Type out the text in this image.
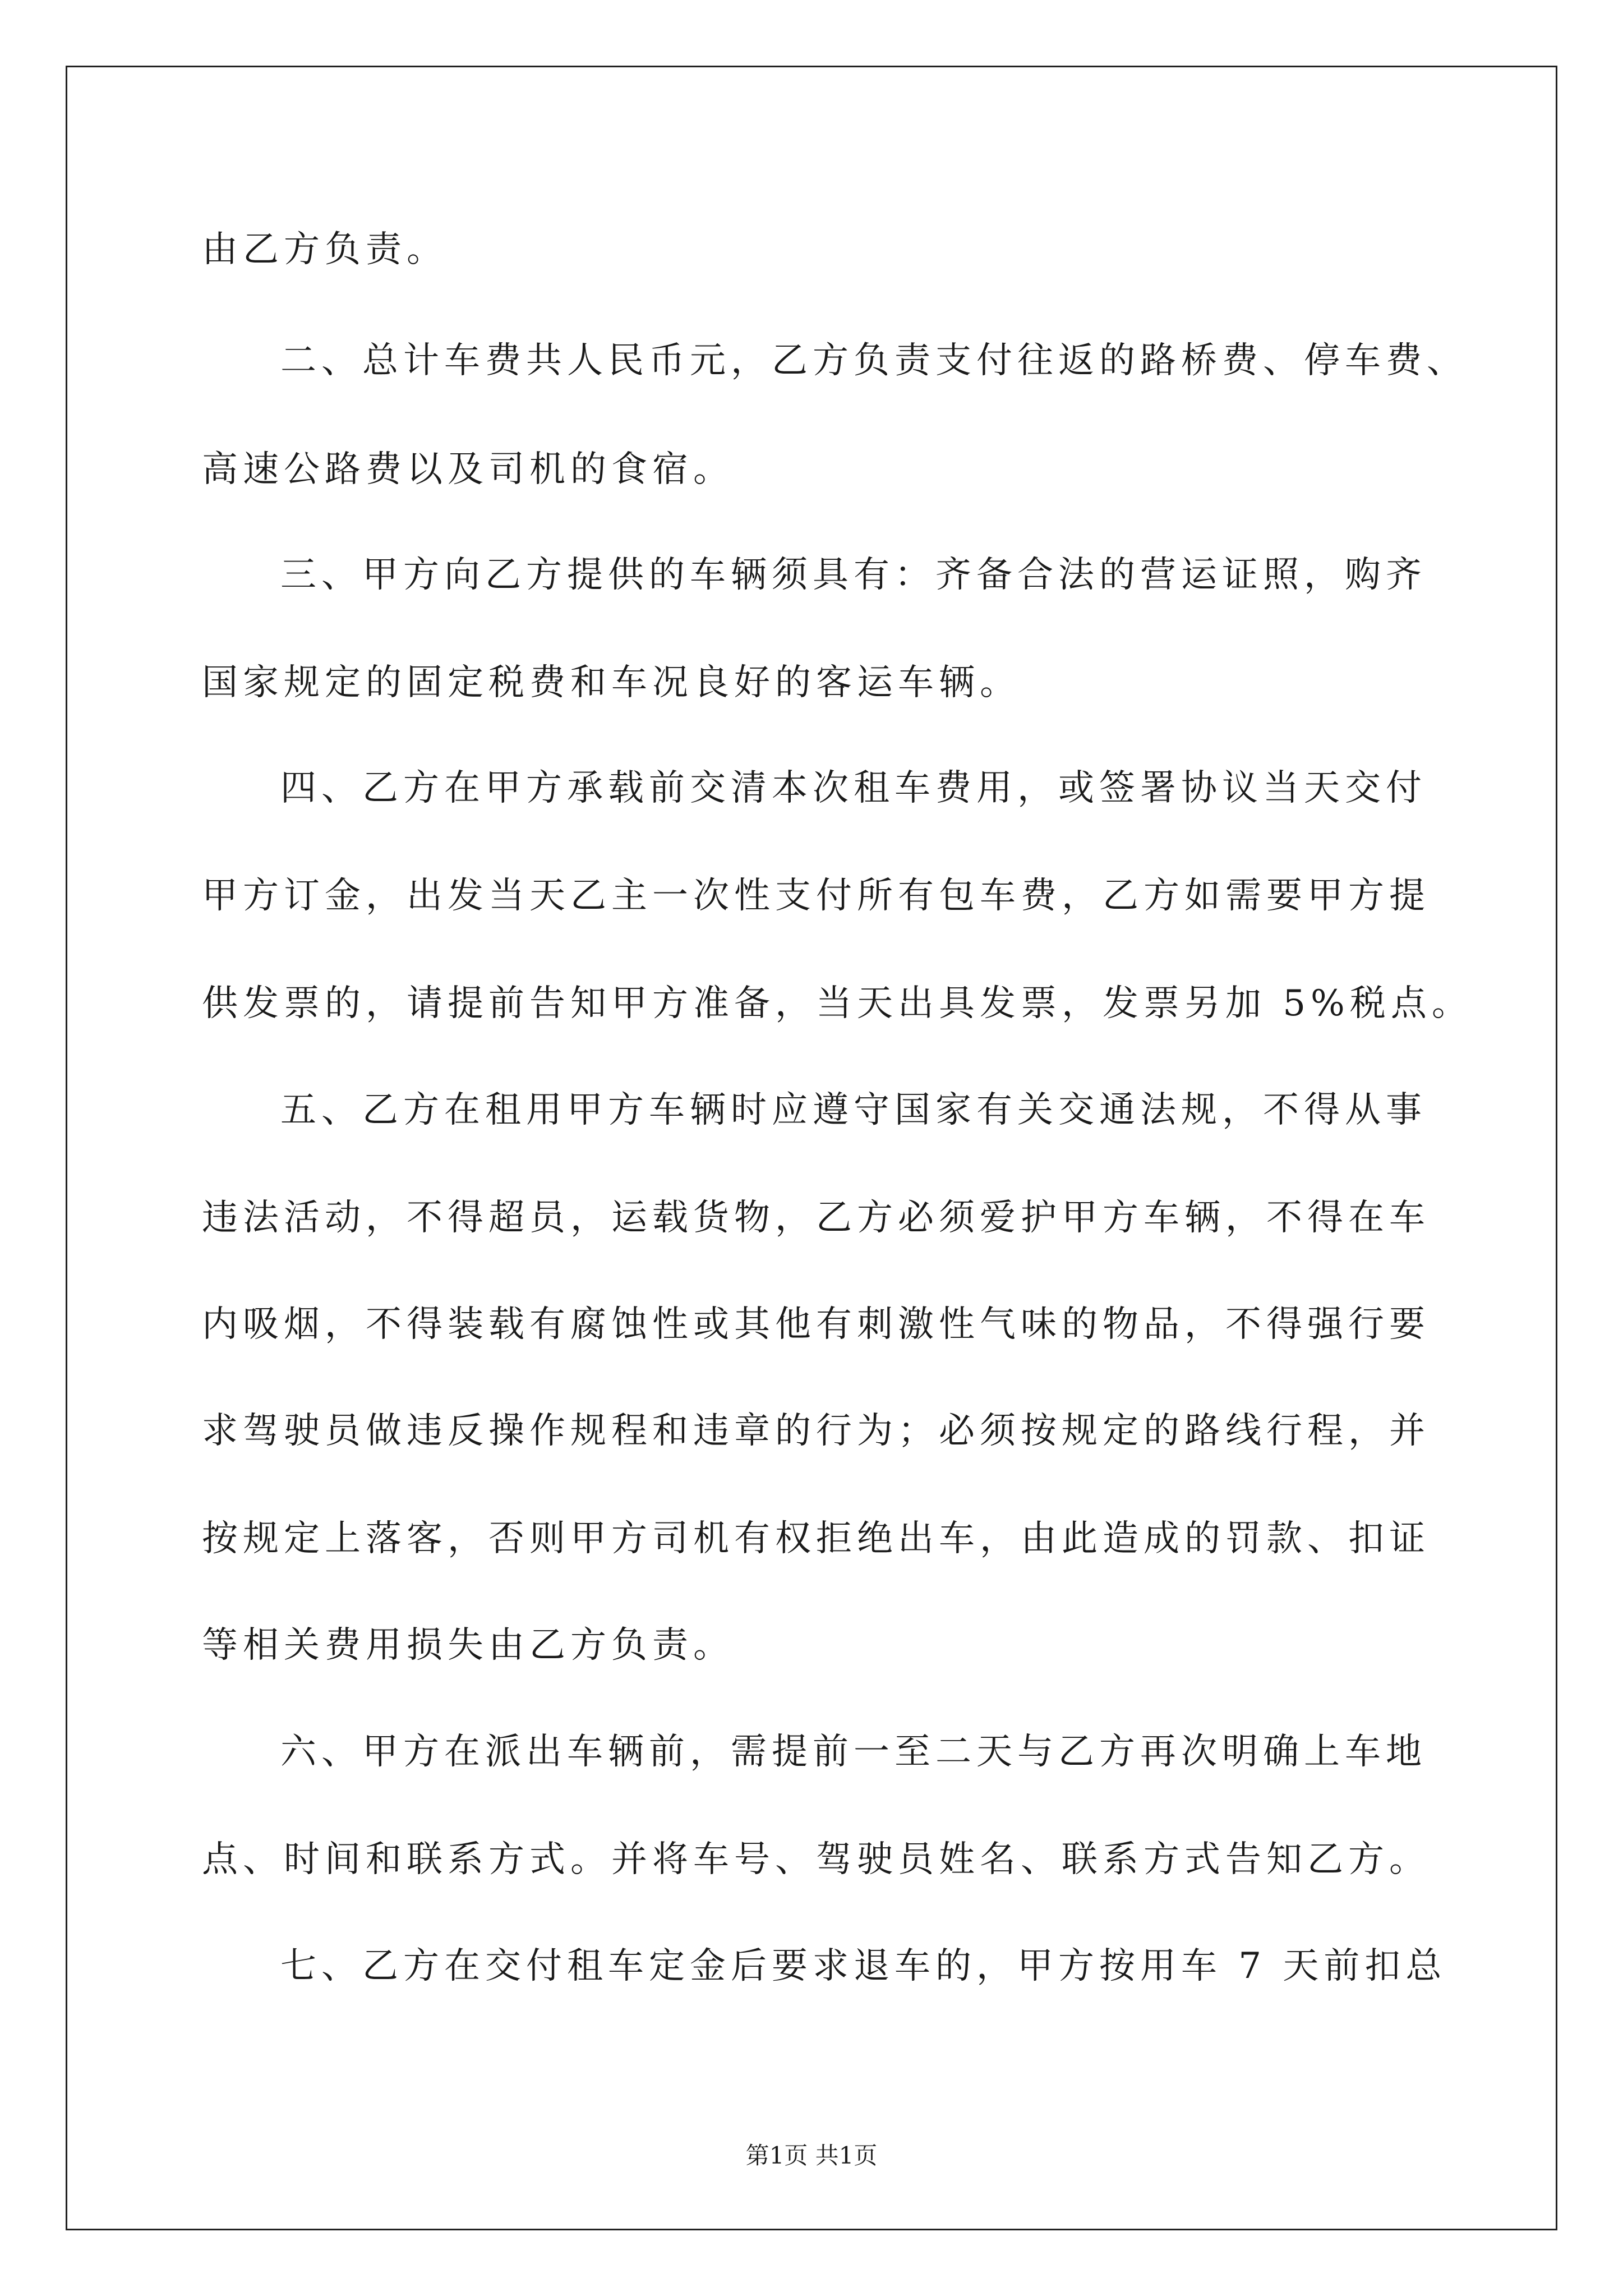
由乙方负责。
二、总计车费共人民币元，乙方负责支付往返的路桥费、停车费、
高速公路费以及司机的食宿。
三、甲方向乙方提供的车辆须具有：齐备合法的营运证照，购齐
国家规定的固定税费和车况良好的客运车辆。
四、乙方在甲方承载前交清本次租车费用，或签署协议当天交付
甲方订金，出发当天乙主一次性支付所有包车费，乙方如需要甲方提
供发票的，请提前告知甲方准备，当天出具发票，发票另加 5%税点。
五、乙方在租用甲方车辆时应遵守国家有关交通法规，不得从事
违法活动，不得超员，运载货物，乙方必须爱护甲方车辆，不得在车
内吸烟，不得装载有腐蚀性或其他有刺激性气味的物品，不得强行要
求驾驶员做违反操作规程和违章的行为；必须按规定的路线行程，并
按规定上落客，否则甲方司机有权拒绝出车，由此造成的罚款、扣证
等相关费用损失由乙方负责。
六、甲方在派出车辆前，需提前一至二天与乙方再次明确上车地
点、时间和联系方式。并将车号、驾驶员姓名、联系方式告知乙方。
七、乙方在交付租车定金后要求退车的，甲方按用车 7 天前扣总
第1页 共1页
